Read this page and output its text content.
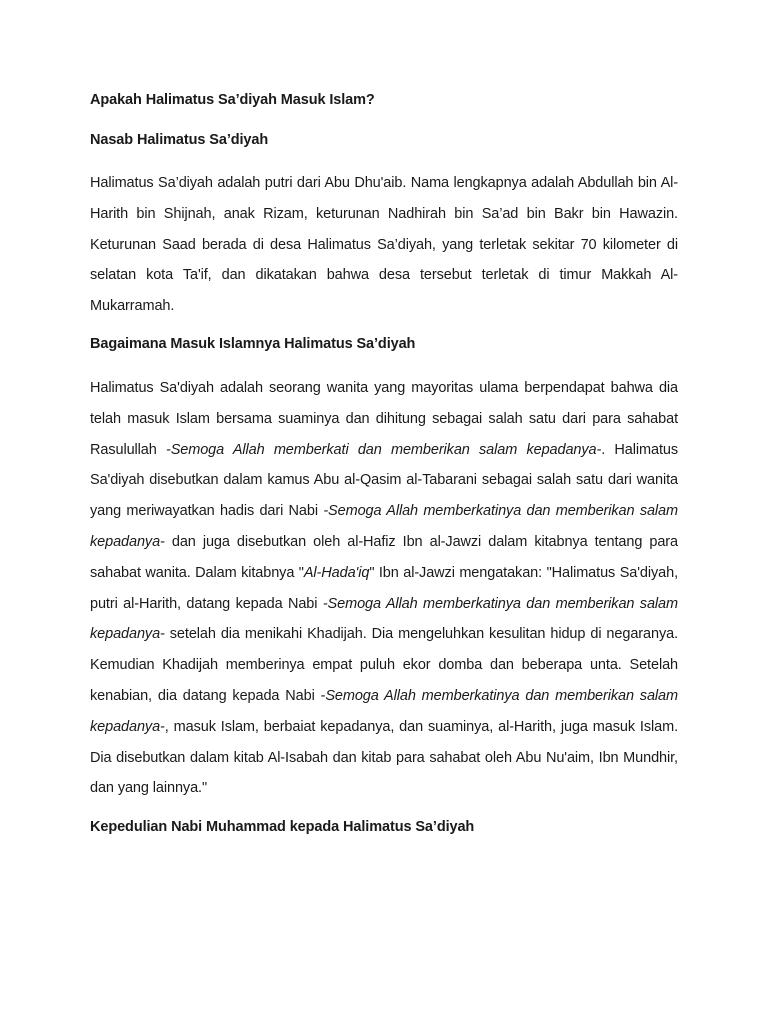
Apakah Halimatus Sa’diyah Masuk Islam?

Nasab Halimatus Sa’diyah

Halimatus Sa’diyah adalah putri dari Abu Dhu'aib. Nama lengkapnya adalah Abdullah bin Al-Harith bin Shijnah, anak Rizam, keturunan Nadhirah bin Sa’ad bin Bakr bin Hawazin. Keturunan Saad berada di desa Halimatus Sa’diyah, yang terletak sekitar 70 kilometer di selatan kota Ta'if, dan dikatakan bahwa desa tersebut terletak di timur Makkah Al-Mukarramah.

Bagaimana Masuk Islamnya Halimatus Sa’diyah

Halimatus Sa'diyah adalah seorang wanita yang mayoritas ulama berpendapat bahwa dia telah masuk Islam bersama suaminya dan dihitung sebagai salah satu dari para sahabat Rasulullah -Semoga Allah memberkati dan memberikan salam kepadanya-. Halimatus Sa'diyah disebutkan dalam kamus Abu al-Qasim al-Tabarani sebagai salah satu dari wanita yang meriwayatkan hadis dari Nabi -Semoga Allah memberkatinya dan memberikan salam kepadanya- dan juga disebutkan oleh al-Hafiz Ibn al-Jawzi dalam kitabnya tentang para sahabat wanita. Dalam kitabnya "Al-Hada'iq" Ibn al-Jawzi mengatakan: "Halimatus Sa'diyah, putri al-Harith, datang kepada Nabi -Semoga Allah memberkatinya dan memberikan salam kepadanya- setelah dia menikahi Khadijah. Dia mengeluhkan kesulitan hidup di negaranya. Kemudian Khadijah memberinya empat puluh ekor domba dan beberapa unta. Setelah kenabian, dia datang kepada Nabi -Semoga Allah memberkatinya dan memberikan salam kepadanya-, masuk Islam, berbaiat kepadanya, dan suaminya, al-Harith, juga masuk Islam. Dia disebutkan dalam kitab Al-Isabah dan kitab para sahabat oleh Abu Nu'aim, Ibn Mundhir, dan yang lainnya."

Kepedulian Nabi Muhammad kepada Halimatus Sa’diyah
